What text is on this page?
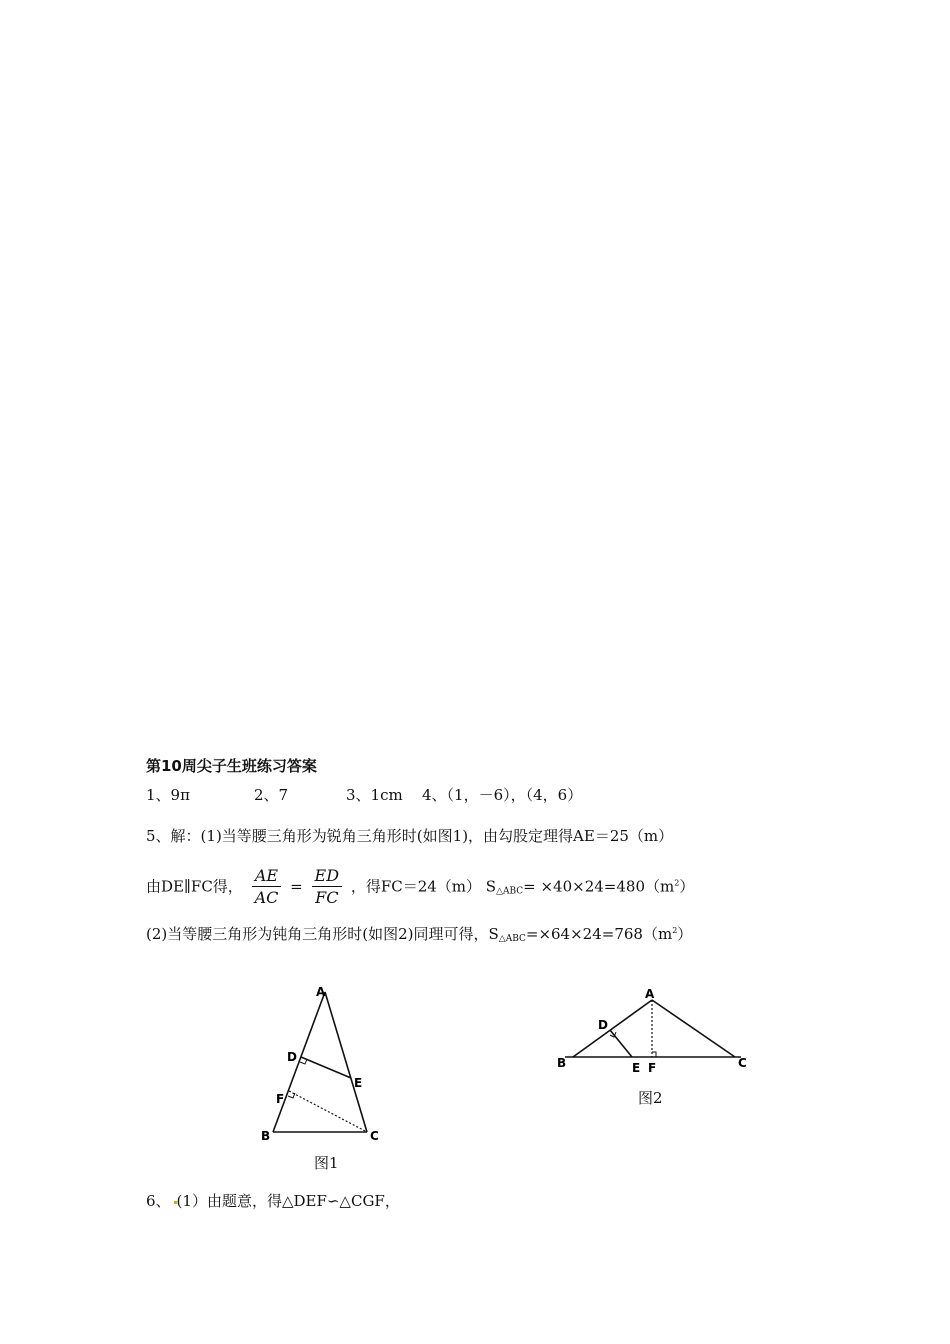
第10周尖子生班练习答案
1、9π	2、7	3、1cm 4、（1，－6），（4，6）
5、解：(1)当等腰三角形为锐角三角形时(如图1)，由勾股定理得AE＝25（m）
由DE∥FC得， $\frac{AE}{AC} = \frac{ED}{FC}$ ，得FC＝24（m） $S_{\triangle ABC}= \times 40\times 24=480(m^2)$
(2)当等腰三角形为钝角三角形时(如图2)同理可得，$S_{\triangle ABC}=\times 64\times 24=768(m^2)$
A
B	C
D
E
F
图1
A
B	C
D
E F
图2
6、 (1）由题意，得△DEF∽△CGF，
